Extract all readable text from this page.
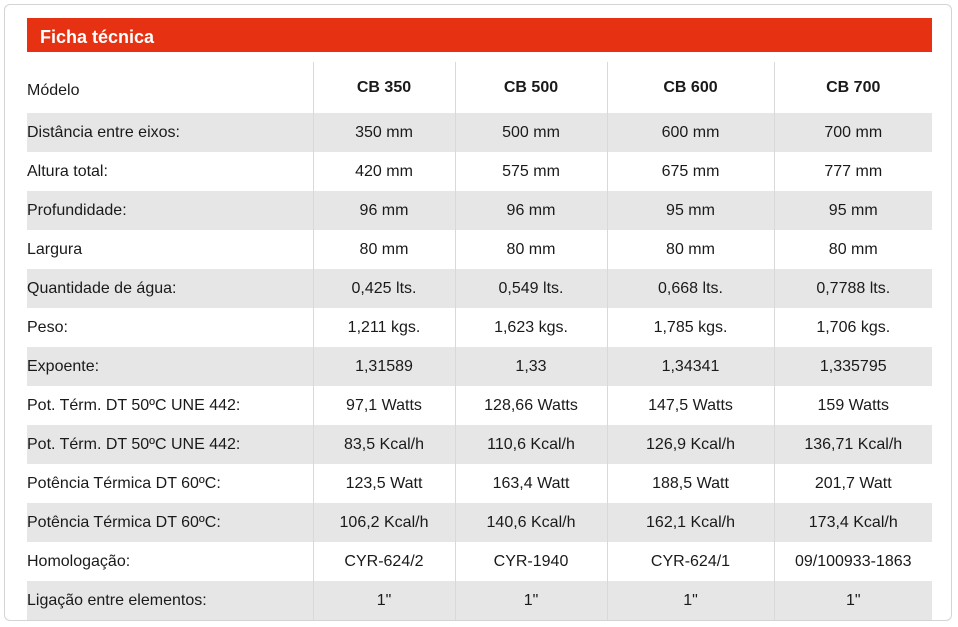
Ficha técnica
Módelo	CB 350	CB 500	CB 600	CB 700
Distância entre eixos:	350 mm	500 mm	600 mm	700 mm
Altura total:	420 mm	575 mm	675 mm	777 mm
Profundidade:	96 mm	96 mm	95 mm	95 mm
Largura	80 mm	80 mm	80 mm	80 mm
Quantidade de água:	0,425 lts.	0,549 lts.	0,668 lts.	0,7788 lts.
Peso:	1,211 kgs.	1,623 kgs.	1,785 kgs.	1,706 kgs.
Expoente:	1,31589	1,33	1,34341	1,335795
Pot. Térm. DT 50ºC UNE 442:	97,1 Watts	128,66 Watts	147,5 Watts	159 Watts
Pot. Térm. DT 50ºC UNE 442:	83,5 Kcal/h	110,6 Kcal/h	126,9 Kcal/h	136,71 Kcal/h
Potência Térmica DT 60ºC:	123,5 Watt	163,4 Watt	188,5 Watt	201,7 Watt
Potência Térmica DT 60ºC:	106,2 Kcal/h	140,6 Kcal/h	162,1 Kcal/h	173,4 Kcal/h
Homologação:	CYR-624/2	CYR-1940	CYR-624/1	09/100933-1863
Ligação entre elementos:	1"	1"	1"	1"
